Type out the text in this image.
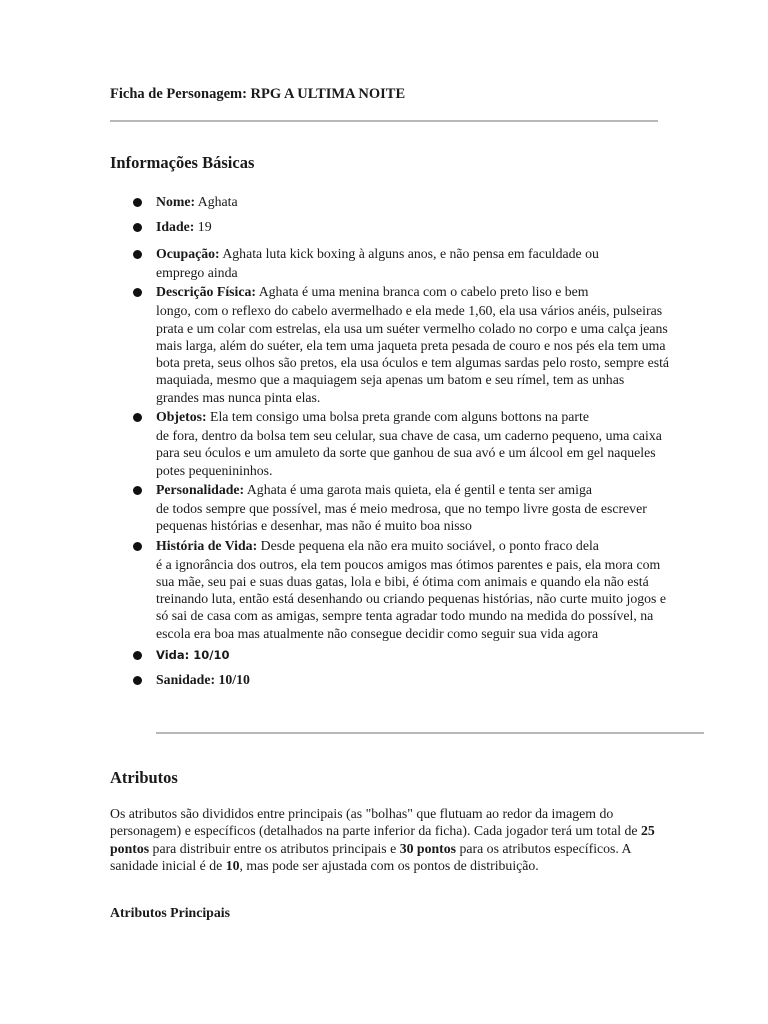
Ficha de Personagem: RPG A ULTIMA NOITE
Informações Básicas
Nome: Aghata
Idade: 19
Ocupação: Aghata luta kick boxing à alguns anos, e não pensa em faculdade ou
emprego ainda
Descrição Física: Aghata é uma menina branca com o cabelo preto liso e bem
longo, com o reflexo do cabelo avermelhado e ela mede 1,60, ela usa vários anéis, pulseiras prata e um colar com estrelas, ela usa um suéter vermelho colado no corpo e uma calça jeans mais larga, além do suéter, ela tem uma jaqueta preta pesada de couro e nos pés ela tem uma bota preta, seus olhos são pretos, ela usa óculos e tem algumas sardas pelo rosto, sempre está maquiada, mesmo que a maquiagem seja apenas um batom e seu rímel, tem as unhas grandes mas nunca pinta elas.
Objetos: Ela tem consigo uma bolsa preta grande com alguns bottons na parte
de fora, dentro da bolsa tem seu celular, sua chave de casa, um caderno pequeno, uma caixa para seu óculos e um amuleto da sorte que ganhou de sua avó e um álcool em gel naqueles potes pequenininhos.
Personalidade: Aghata é uma garota mais quieta, ela é gentil e tenta ser amiga
de todos sempre que possível, mas é meio medrosa, que no tempo livre gosta de escrever pequenas histórias e desenhar, mas não é muito boa nisso
História de Vida: Desde pequena ela não era muito sociável, o ponto fraco dela
é a ignorância dos outros, ela tem poucos amigos mas ótimos parentes e pais, ela mora com sua mãe, seu pai e suas duas gatas, lola e bibi, é ótima com animais e quando ela não está treinando luta, então está desenhando ou criando pequenas histórias, não curte muito jogos e só sai de casa com as amigas, sempre tenta agradar todo mundo na medida do possível, na escola era boa mas atualmente não consegue decidir como seguir sua vida agora
Vida: 10/10
Sanidade: 10/10
Atributos

Os atributos são divididos entre principais (as "bolhas" que flutuam ao redor da imagem do personagem) e específicos (detalhados na parte inferior da ficha). Cada jogador terá um total de 25 pontos para distribuir entre os atributos principais e 30 pontos para os atributos específicos. A sanidade inicial é de 10, mas pode ser ajustada com os pontos de distribuição.

Atributos Principais
